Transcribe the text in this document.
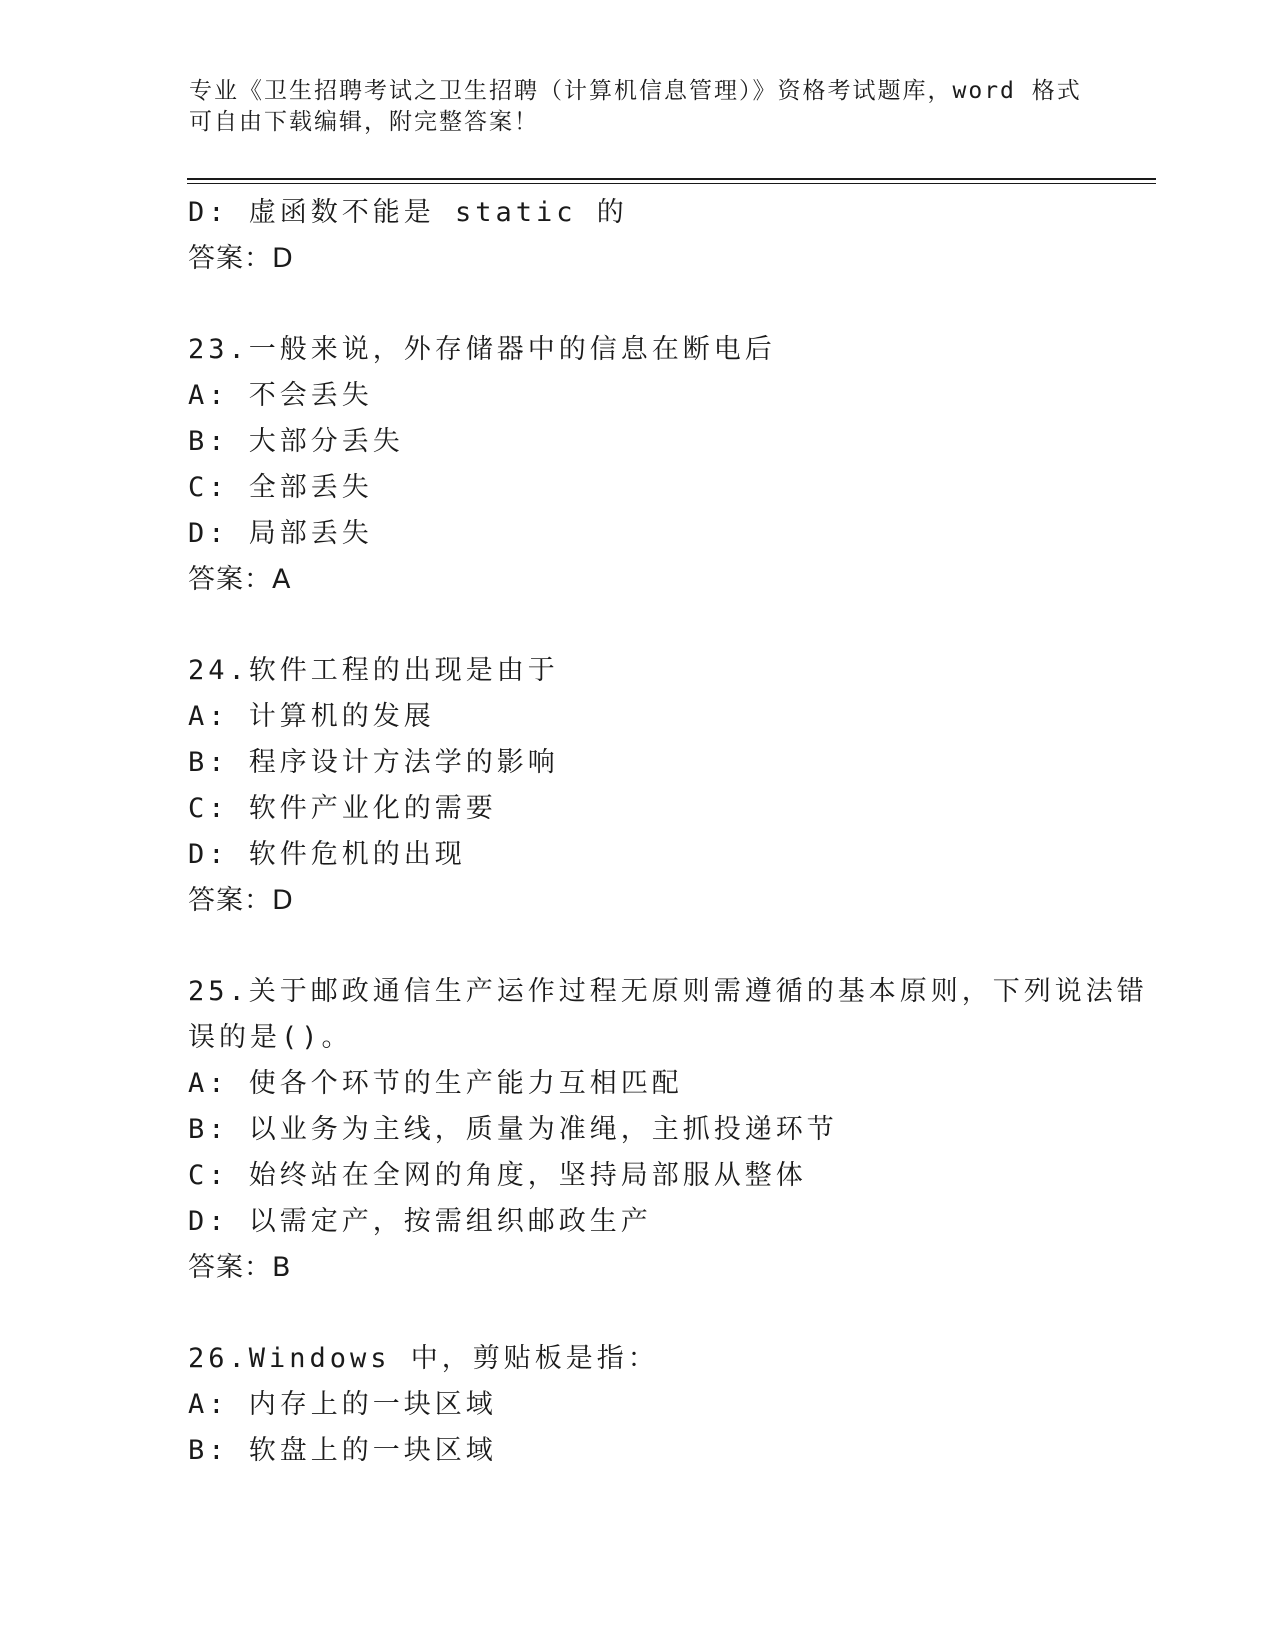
专业《卫生招聘考试之卫生招聘（计算机信息管理）》资格考试题库，word 格式
可自由下载编辑，附完整答案！
D: 虚函数不能是 static 的
答案：D
23.一般来说，外存储器中的信息在断电后
A: 不会丢失
B: 大部分丢失
C: 全部丢失
D: 局部丢失
答案：A
24.软件工程的出现是由于
A: 计算机的发展
B: 程序设计方法学的影响
C: 软件产业化的需要
D: 软件危机的出现
答案：D
25.关于邮政通信生产运作过程无原则需遵循的基本原则，下列说法错
误的是()。
A: 使各个环节的生产能力互相匹配
B: 以业务为主线，质量为准绳，主抓投递环节
C: 始终站在全网的角度，坚持局部服从整体
D: 以需定产，按需组织邮政生产
答案：B
26.Windows 中，剪贴板是指：
A: 内存上的一块区域
B: 软盘上的一块区域
